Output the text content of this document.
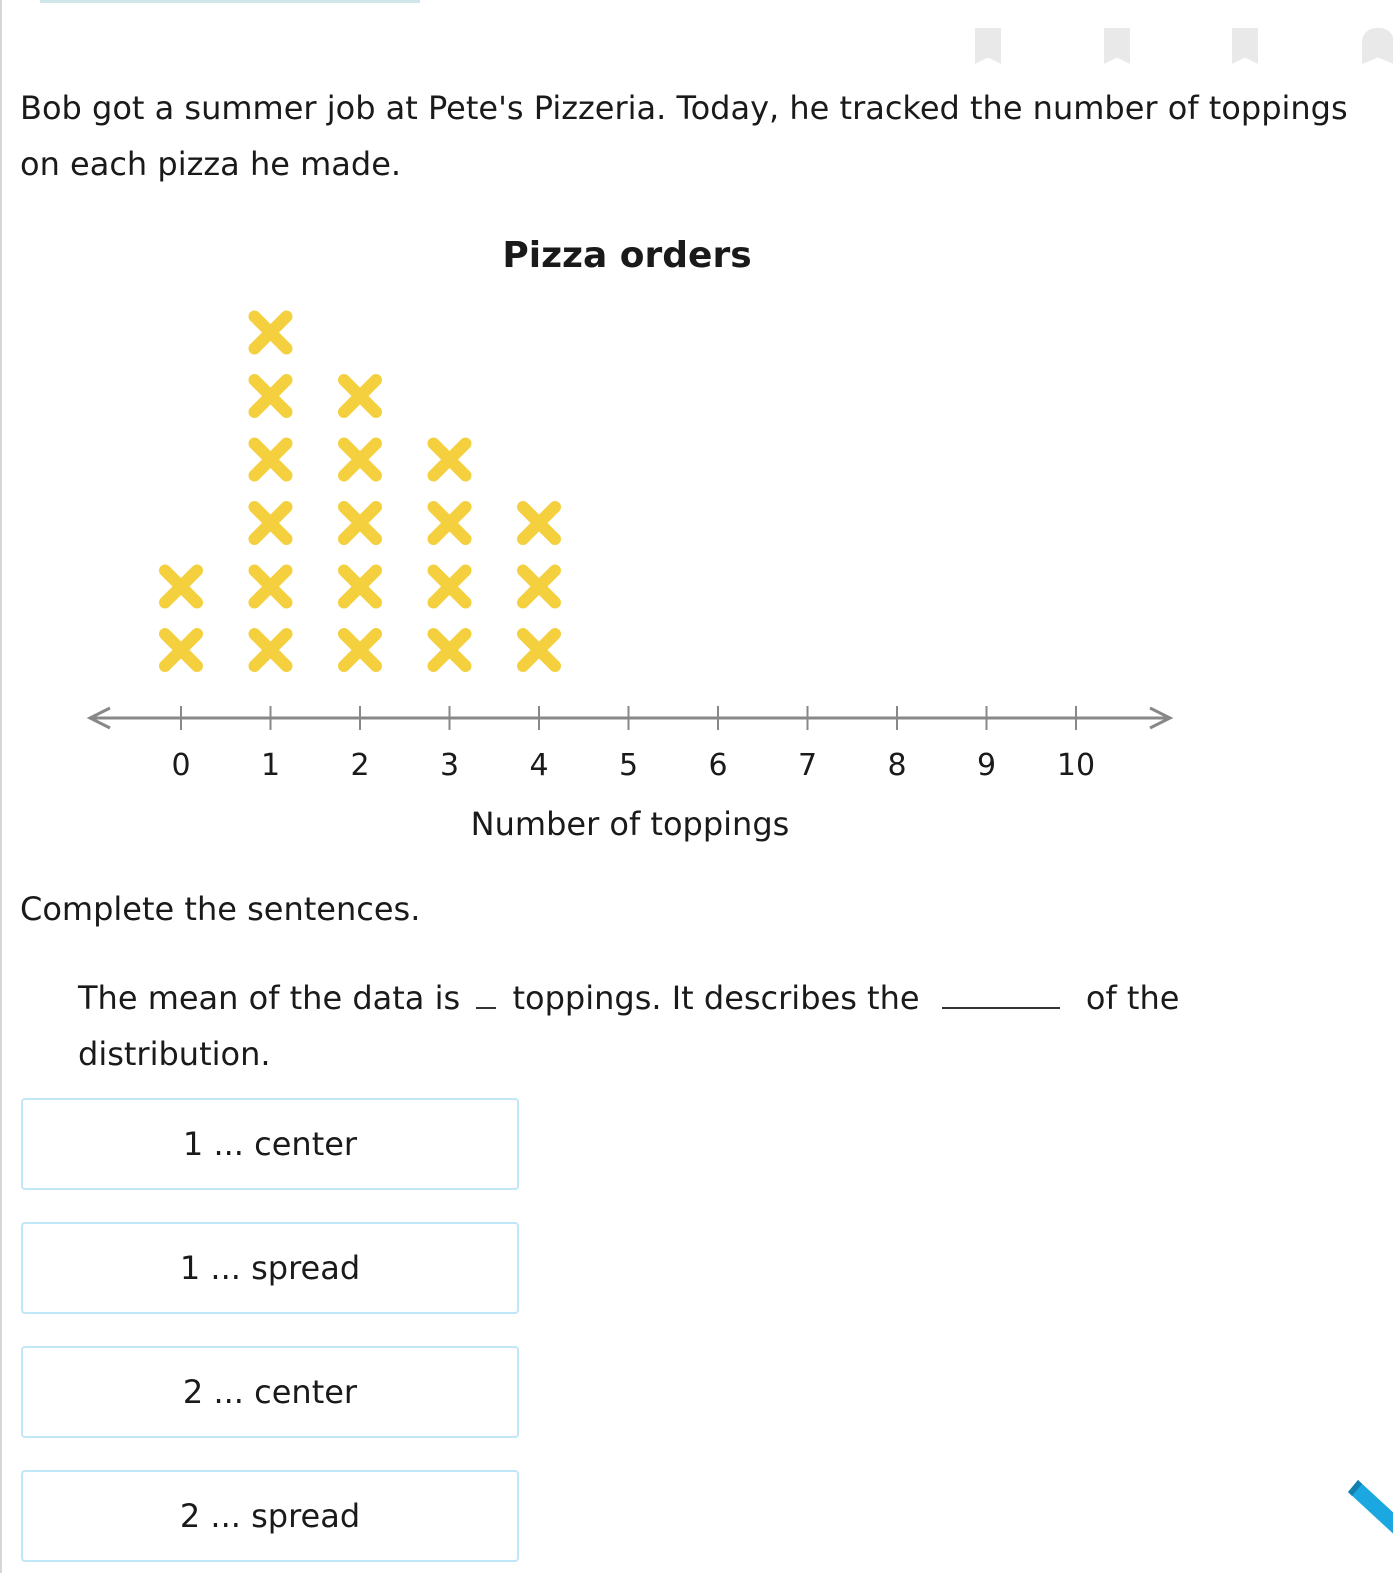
Bob got a summer job at Pete's Pizzeria. Today, he tracked the number of toppings on each pizza he made.

Pizza orders
0 1 2 3 4 5 6 7 8 9 10
Number of toppings

Complete the sentences.

The mean of the data is toppings. It describes the	of the distribution.

1 ... center
1 ... spread
2 ... center
2 ... spread
